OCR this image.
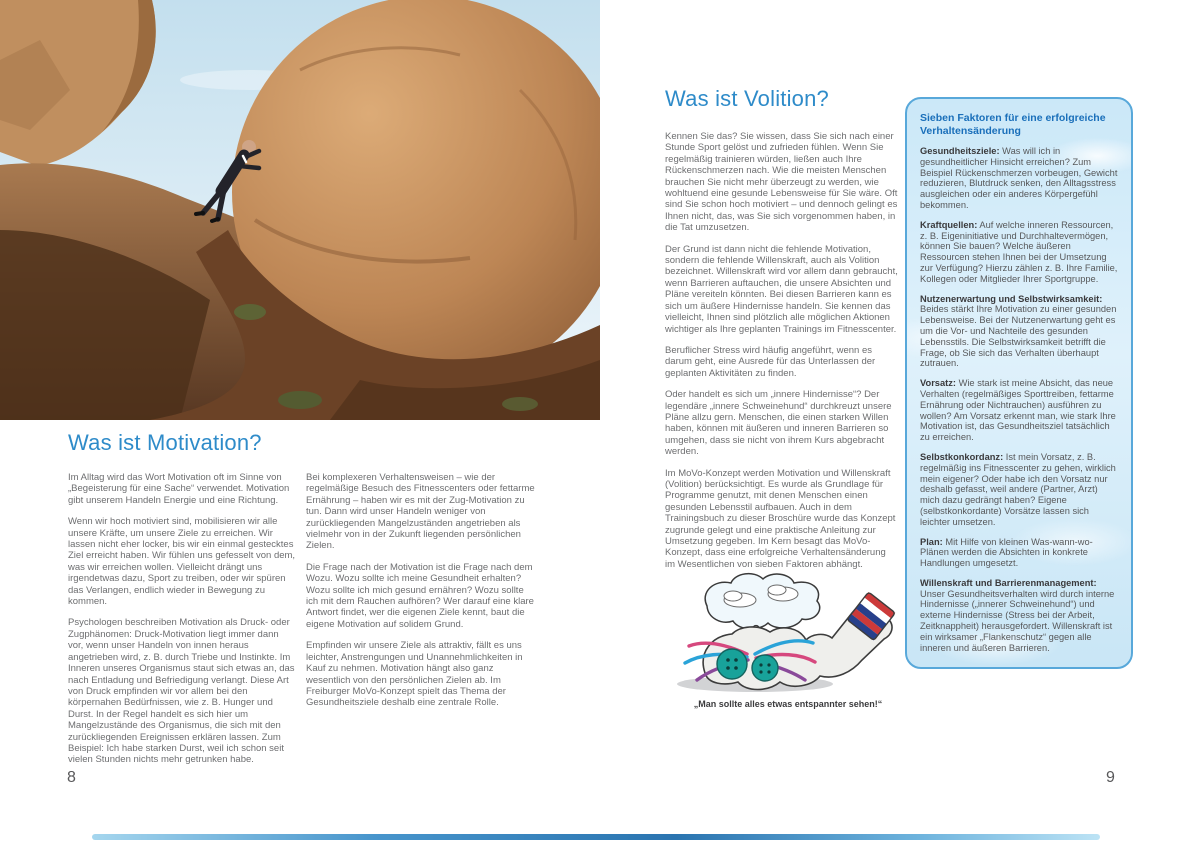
Was ist Motivation?

Im Alltag wird das Wort Motivation oft im Sinne von „Begeisterung für eine Sache“ verwendet. Motivation gibt unserem Handeln Energie und eine Richtung.

Wenn wir hoch motiviert sind, mobilisieren wir alle unsere Kräfte, um unsere Ziele zu erreichen. Wir lassen nicht eher locker, bis wir ein einmal gestecktes Ziel erreicht haben. Wir fühlen uns gefesselt von dem, was wir erreichen wollen. Vielleicht drängt uns irgendetwas dazu, Sport zu treiben, oder wir spüren das Verlangen, endlich wieder in Bewegung zu kommen.

Psychologen beschreiben Motivation als Druck- oder Zugphänomen: Druck-Motivation liegt immer dann vor, wenn unser Handeln von innen heraus angetrieben wird, z. B. durch Triebe und Instinkte. Im Inneren unseres Organismus staut sich etwas an, das nach Entladung und Befriedigung verlangt. Diese Art von Druck empfinden wir vor allem bei den körpernahen Bedürfnissen, wie z. B. Hunger und Durst. In der Regel handelt es sich hier um Mangelzustände des Organismus, die sich mit den zurückliegenden Ereignissen erklären lassen. Zum Beispiel: Ich habe starken Durst, weil ich schon seit vielen Stunden nichts mehr getrunken habe.

Bei komplexeren Verhaltensweisen – wie der regelmäßige Besuch des Fitnesscenters oder fettarme Ernährung – haben wir es mit der Zug-Motivation zu tun. Dann wird unser Handeln weniger von zurückliegenden Mangelzuständen angetrieben als vielmehr von in der Zukunft liegenden persönlichen Zielen.

Die Frage nach der Motivation ist die Frage nach dem Wozu. Wozu sollte ich meine Gesundheit erhalten? Wozu sollte ich mich gesund ernähren? Wozu sollte ich mit dem Rauchen aufhören? Wer darauf eine klare Antwort findet, wer die eigenen Ziele kennt, baut die eigene Motivation auf solidem Grund.

Empfinden wir unsere Ziele als attraktiv, fällt es uns leichter, Anstrengungen und Unannehmlichkeiten in Kauf zu nehmen. Motivation hängt also ganz wesentlich von den persönlichen Zielen ab. Im Freiburger MoVo-Konzept spielt das Thema der Gesundheitsziele deshalb eine zentrale Rolle.

8
Was ist Volition?

Kennen Sie das? Sie wissen, dass Sie sich nach einer Stunde Sport gelöst und zufrieden fühlen. Wenn Sie regelmäßig trainieren würden, ließen auch Ihre Rückenschmerzen nach. Wie die meisten Menschen brauchen Sie nicht mehr überzeugt zu werden, wie wohltuend eine gesunde Lebensweise für Sie wäre. Oft sind Sie schon hoch motiviert – und dennoch gelingt es Ihnen nicht, das, was Sie sich vorgenommen haben, in die Tat umzusetzen.

Der Grund ist dann nicht die fehlende Motivation, sondern die fehlende Willenskraft, auch als Volition bezeichnet. Willenskraft wird vor allem dann gebraucht, wenn Barrieren auftauchen, die unsere Absichten und Pläne vereiteln könnten. Bei diesen Barrieren kann es sich um äußere Hindernisse handeln. Sie kennen das vielleicht, Ihnen sind plötzlich alle möglichen Aktionen wichtiger als Ihre geplanten Trainings im Fitnesscenter.

Beruflicher Stress wird häufig angeführt, wenn es darum geht, eine Ausrede für das Unterlassen der geplanten Aktivitäten zu finden.

Oder handelt es sich um „innere Hindernisse“? Der legendäre „innere Schweinehund“ durchkreuzt unsere Pläne allzu gern. Menschen, die einen starken Willen haben, können mit äußeren und inneren Barrieren so umgehen, dass sie nicht von ihrem Kurs abgebracht werden.

Im MoVo-Konzept werden Motivation und Willenskraft (Volition) berücksichtigt. Es wurde als Grundlage für Programme genutzt, mit denen Menschen einen gesunden Lebensstil aufbauen. Auch in dem Trainingsbuch zu dieser Broschüre wurde das Konzept zugrunde gelegt und eine praktische Anleitung zur Umsetzung gegeben. Im Kern besagt das MoVo-Konzept, dass eine erfolgreiche Verhaltensänderung im Wesentlichen von sieben Faktoren abhängt.

Sieben Faktoren für eine erfolgreiche Verhaltensänderung

Gesundheitsziele: Was will ich in gesundheitlicher Hinsicht erreichen? Zum Beispiel Rückenschmerzen vorbeugen, Gewicht reduzieren, Blutdruck senken, den Alltagsstress ausgleichen oder ein anderes Körpergefühl bekommen.
Kraftquellen: Auf welche inneren Ressourcen, z. B. Eigeninitiative und Durchhaltevermögen, können Sie bauen? Welche äußeren Ressourcen stehen Ihnen bei der Umsetzung zur Verfügung? Hierzu zählen z. B. Ihre Familie, Kollegen oder Mitglieder Ihrer Sportgruppe.
Nutzenerwartung und Selbstwirksamkeit:
Beides stärkt Ihre Motivation zu einer gesunden Lebensweise. Bei der Nutzenerwartung geht es um die Vor- und Nachteile des gesunden Lebensstils. Die Selbstwirksamkeit betrifft die Frage, ob Sie sich das Verhalten überhaupt zutrauen.
Vorsatz: Wie stark ist meine Absicht, das neue Verhalten (regelmäßiges Sporttreiben, fettarme Ernährung oder Nichtrauchen) ausführen zu wollen? Am Vorsatz erkennt man, wie stark Ihre Motivation ist, das Gesundheitsziel tatsächlich zu erreichen.
Selbstkonkordanz: Ist mein Vorsatz, z. B. regelmäßig ins Fitnesscenter zu gehen, wirklich mein eigener? Oder habe ich den Vorsatz nur deshalb gefasst, weil andere (Partner, Arzt) mich dazu gedrängt haben? Eigene (selbstkonkordante) Vorsätze lassen sich leichter umsetzen.
Plan: Mit Hilfe von kleinen Was-wann-wo-Plänen werden die Absichten in konkrete Handlungen umgesetzt.
Willenskraft und Barrierenmanagement:
Unser Gesundheitsverhalten wird durch interne Hindernisse („innerer Schweinehund“) und externe Hindernisse (Stress bei der Arbeit, Zeitknappheit) herausgefordert. Willenskraft ist ein wirksamer „Flankenschutz“ gegen alle inneren und äußeren Barrieren.
„Man sollte alles etwas entspannter sehen!“
9
